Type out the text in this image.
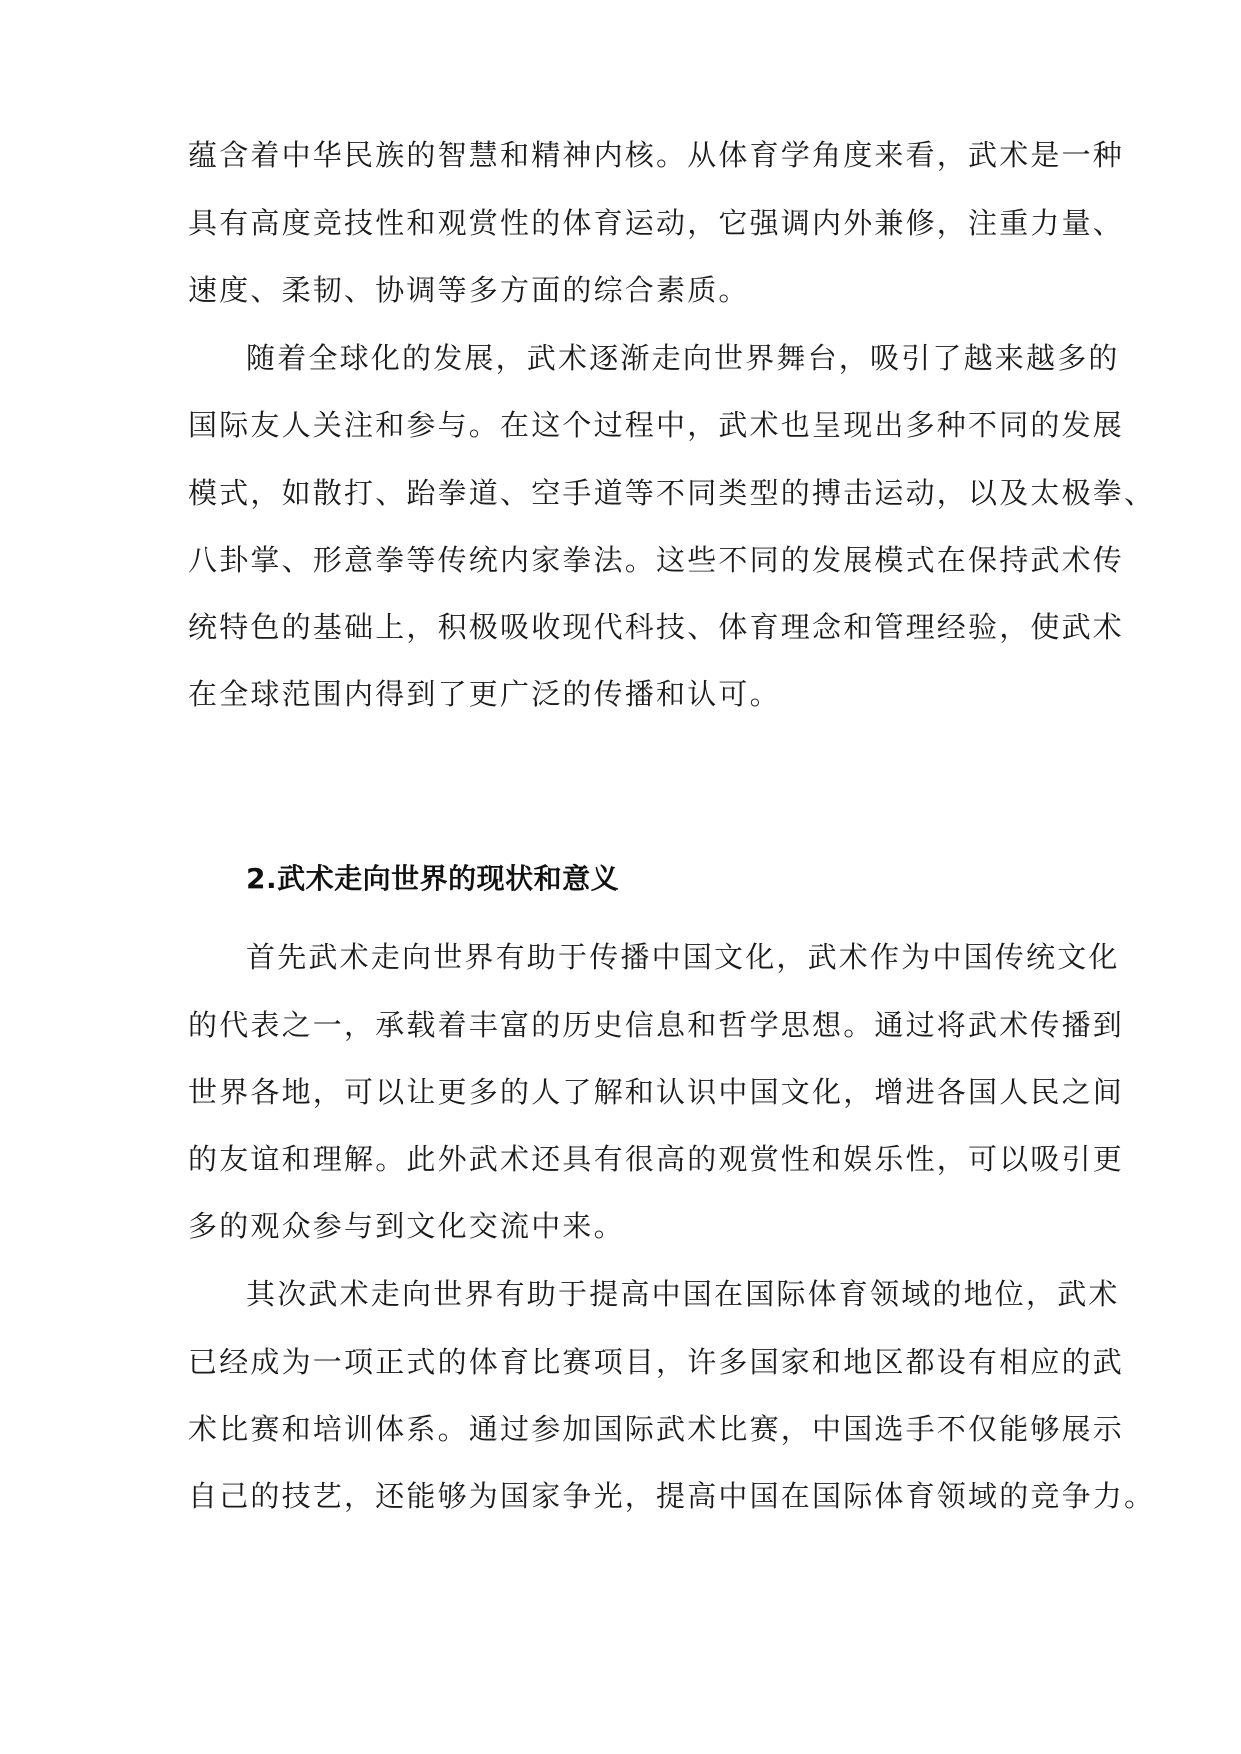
蕴含着中华民族的智慧和精神内核。从体育学角度来看，武术是一种

具有高度竞技性和观赏性的体育运动，它强调内外兼修，注重力量、

速度、柔韧、协调等多方面的综合素质。

随着全球化的发展，武术逐渐走向世界舞台，吸引了越来越多的

国际友人关注和参与。在这个过程中，武术也呈现出多种不同的发展

模式，如散打、跆拳道、空手道等不同类型的搏击运动，以及太极拳、

八卦掌、形意拳等传统内家拳法。这些不同的发展模式在保持武术传

统特色的基础上，积极吸收现代科技、体育理念和管理经验，使武术

在全球范围内得到了更广泛的传播和认可。

2.武术走向世界的现状和意义

首先武术走向世界有助于传播中国文化，武术作为中国传统文化

的代表之一，承载着丰富的历史信息和哲学思想。通过将武术传播到

世界各地，可以让更多的人了解和认识中国文化，增进各国人民之间

的友谊和理解。此外武术还具有很高的观赏性和娱乐性，可以吸引更

多的观众参与到文化交流中来。

其次武术走向世界有助于提高中国在国际体育领域的地位，武术

已经成为一项正式的体育比赛项目，许多国家和地区都设有相应的武

术比赛和培训体系。通过参加国际武术比赛，中国选手不仅能够展示

自己的技艺，还能够为国家争光，提高中国在国际体育领域的竞争力。
